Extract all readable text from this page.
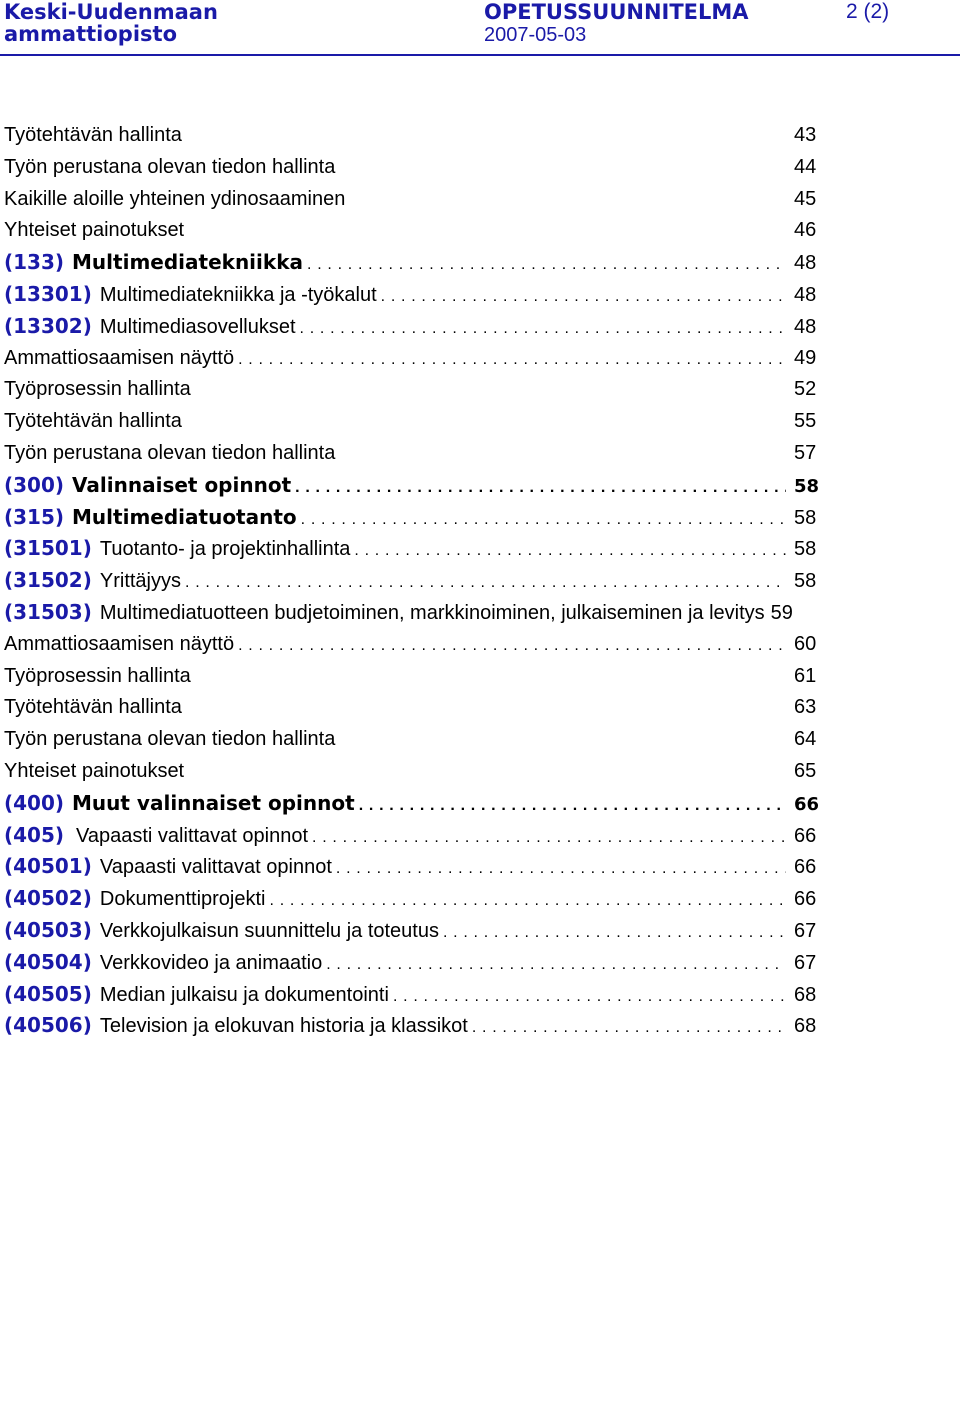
Keski-Uudenmaan
ammattiopisto
OPETUSSUUNNITELMA
2007-05-03
2 (2)
Työtehtävän hallinta	43
Työn perustana olevan tiedon hallinta	44
Kaikille aloille yhteinen ydinosaaminen	45
Yhteiset painotukset	46
(133) Multimediatekniikka . . .	48
(13301) Multimediatekniikka ja -työkalut . . .	48
(13302) Multimediasovellukset . . .	48
Ammattiosaamisen näyttö . . .	49
Työprosessin hallinta	52
Työtehtävän hallinta	55
Työn perustana olevan tiedon hallinta	57
(300) Valinnaiset opinnot . . .	58
(315) Multimediatuotanto . . .	58
(31501) Tuotanto- ja projektinhallinta . . .	58
(31502) Yrittäjyys . . .	58
(31503) Multimediatuotteen budjetoiminen, markkinoiminen, julkaiseminen ja levitys 59
Ammattiosaamisen näyttö . . .	60
Työprosessin hallinta	61
Työtehtävän hallinta	63
Työn perustana olevan tiedon hallinta	64
Yhteiset painotukset	65
(400) Muut valinnaiset opinnot . . .	66
(405) Vapaasti valittavat opinnot . . .	66
(40501) Vapaasti valittavat opinnot . . .	66
(40502) Dokumenttiprojekti . . .	66
(40503) Verkkojulkaisun suunnittelu ja toteutus . . .	67
(40504) Verkkovideo ja animaatio . . .	67
(40505) Median julkaisu ja dokumentointi . . .	68
(40506) Television ja elokuvan historia ja klassikot . . .	68
